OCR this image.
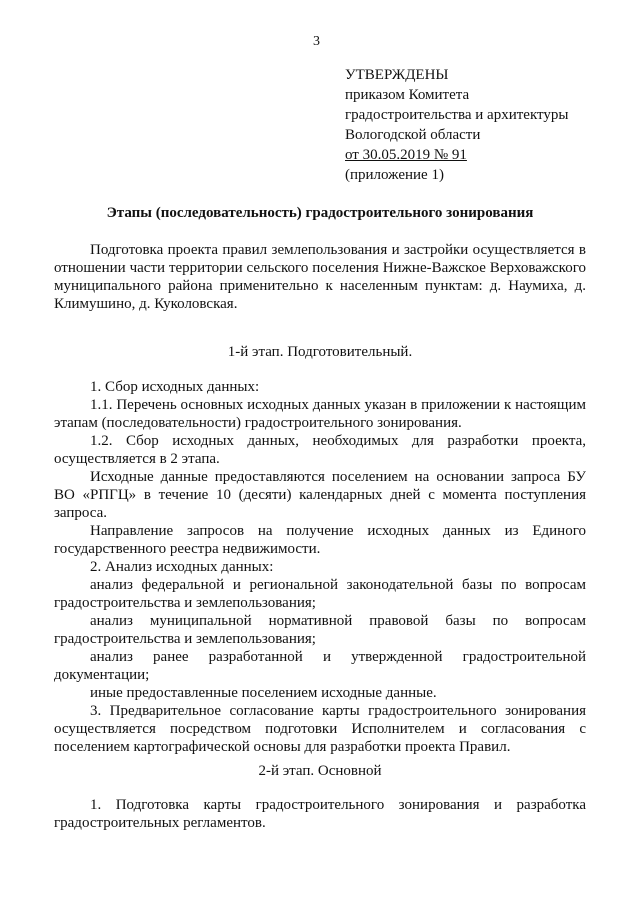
3
УТВЕРЖДЕНЫ
приказом Комитета
градостроительства и архитектуры
Вологодской области
от 30.05.2019 № 91
(приложение 1)
Этапы (последовательность) градостроительного зонирования

Подготовка проекта правил землепользования и застройки осуществляется в отношении части территории сельского поселения Нижне-Важское Верховажского муниципального района применительно к населенным пунктам: д. Наумиха, д. Климушино, д. Куколовская.

1-й этап. Подготовительный.

1. Сбор исходных данных:

1.1. Перечень основных исходных данных указан в приложении к настоящим этапам (последовательности) градостроительного зонирования.

1.2. Сбор исходных данных, необходимых для разработки проекта, осуществляется в 2 этапа.

Исходные данные предоставляются поселением на основании запроса БУ ВО «РПГЦ» в течение 10 (десяти) календарных дней с момента поступления запроса.

Направление запросов на получение исходных данных из Единого государственного реестра недвижимости.

2. Анализ исходных данных:

анализ федеральной и региональной законодательной базы по вопросам градостроительства и землепользования;

анализ муниципальной нормативной правовой базы по вопросам градостроительства и землепользования;

анализ ранее разработанной и утвержденной градостроительной документации;

иные предоставленные поселением исходные данные.

3. Предварительное согласование карты градостроительного зонирования осуществляется посредством подготовки Исполнителем и согласования с поселением картографической основы для разработки проекта Правил.

2-й этап. Основной

1. Подготовка карты градостроительного зонирования и разработка градостроительных регламентов.
